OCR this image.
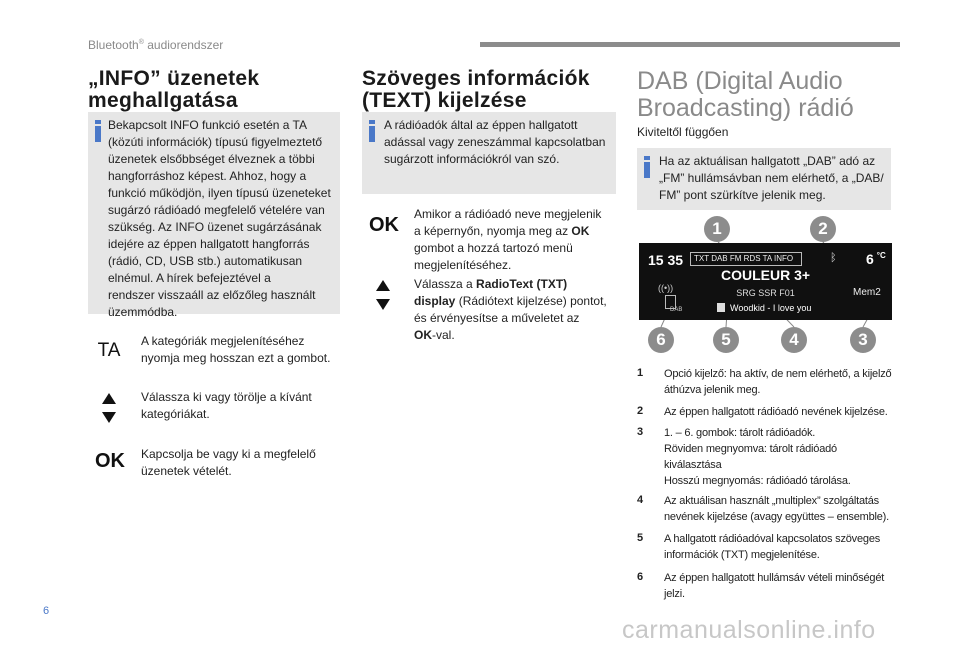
Bluetooth® audiorendszer
„INFO” üzenetek
meghallgatása
Bekapcsolt INFO funkció esetén a TA
(közúti információk) típusú figyelmeztető
üzenetek elsőbbséget élveznek a többi
hangforráshoz képest. Ahhoz, hogy a
funkció működjön, ilyen típusú üzeneteket
sugárzó rádióadó megfelelő vételére van
szükség. Az INFO üzenet sugárzásának
idejére az éppen hallgatott hangforrás
(rádió, CD, USB stb.) automatikusan
elnémul. A hírek befejeztével a
rendszer visszaáll az előzőleg használt
üzemmódba.
TA	A kategóriák megjelenítéséhez
nyomja meg hosszan ezt a gombot.
Válassza ki vagy törölje a kívánt
kategóriákat.
OK Kapcsolja be vagy ki a megfelelő
üzenetek vételét.
Szöveges információk
(TEXT) kijelzése
A rádióadók által az éppen hallgatott
adással vagy zeneszámmal kapcsolatban
sugárzott információkról van szó.
OK Amikor a rádióadó neve megjelenik
a képernyőn, nyomja meg az OK
gombot a hozzá tartozó menü
megjelenítéséhez.
Válassza a RadioText (TXT)
display (Rádiótext kijelzése) pontot,
és érvényesítse a műveletet az
OK-val.
DAB (Digital Audio
Broadcasting) rádió
Kiviteltől függően
Ha az aktuálisan hallgatott „DAB” adó az
„FM” hullámsávban nem elérhető, a „DAB/
FM” pont szürkítve jelenik meg.
1	2
6	5	4	3
15 35	TXT DAB FM RDS TA INFO	ᛒ 6 $^{^\circ C}$
COULEUR 3+
SRG SSR F01
((•))
DAB	Woodkid - I love you
Mem2
1 Opció kijelző: ha aktív, de nem elérhető, a kijelző
áthúzva jelenik meg.
2 Az éppen hallgatott rádióadó nevének kijelzése.
3 1. – 6. gombok: tárolt rádióadók.
Röviden megnyomva: tárolt rádióadó
kiválasztása
Hosszú megnyomás: rádióadó tárolása.
4 Az aktuálisan használt „multiplex” szolgáltatás
nevének kijelzése (avagy együttes – ensemble).
5 A hallgatott rádióadóval kapcsolatos szöveges
információk (TXT) megjelenítése.
6 Az éppen hallgatott hullámsáv vételi minőségét
jelzi.
6
carmanualsonline.info
